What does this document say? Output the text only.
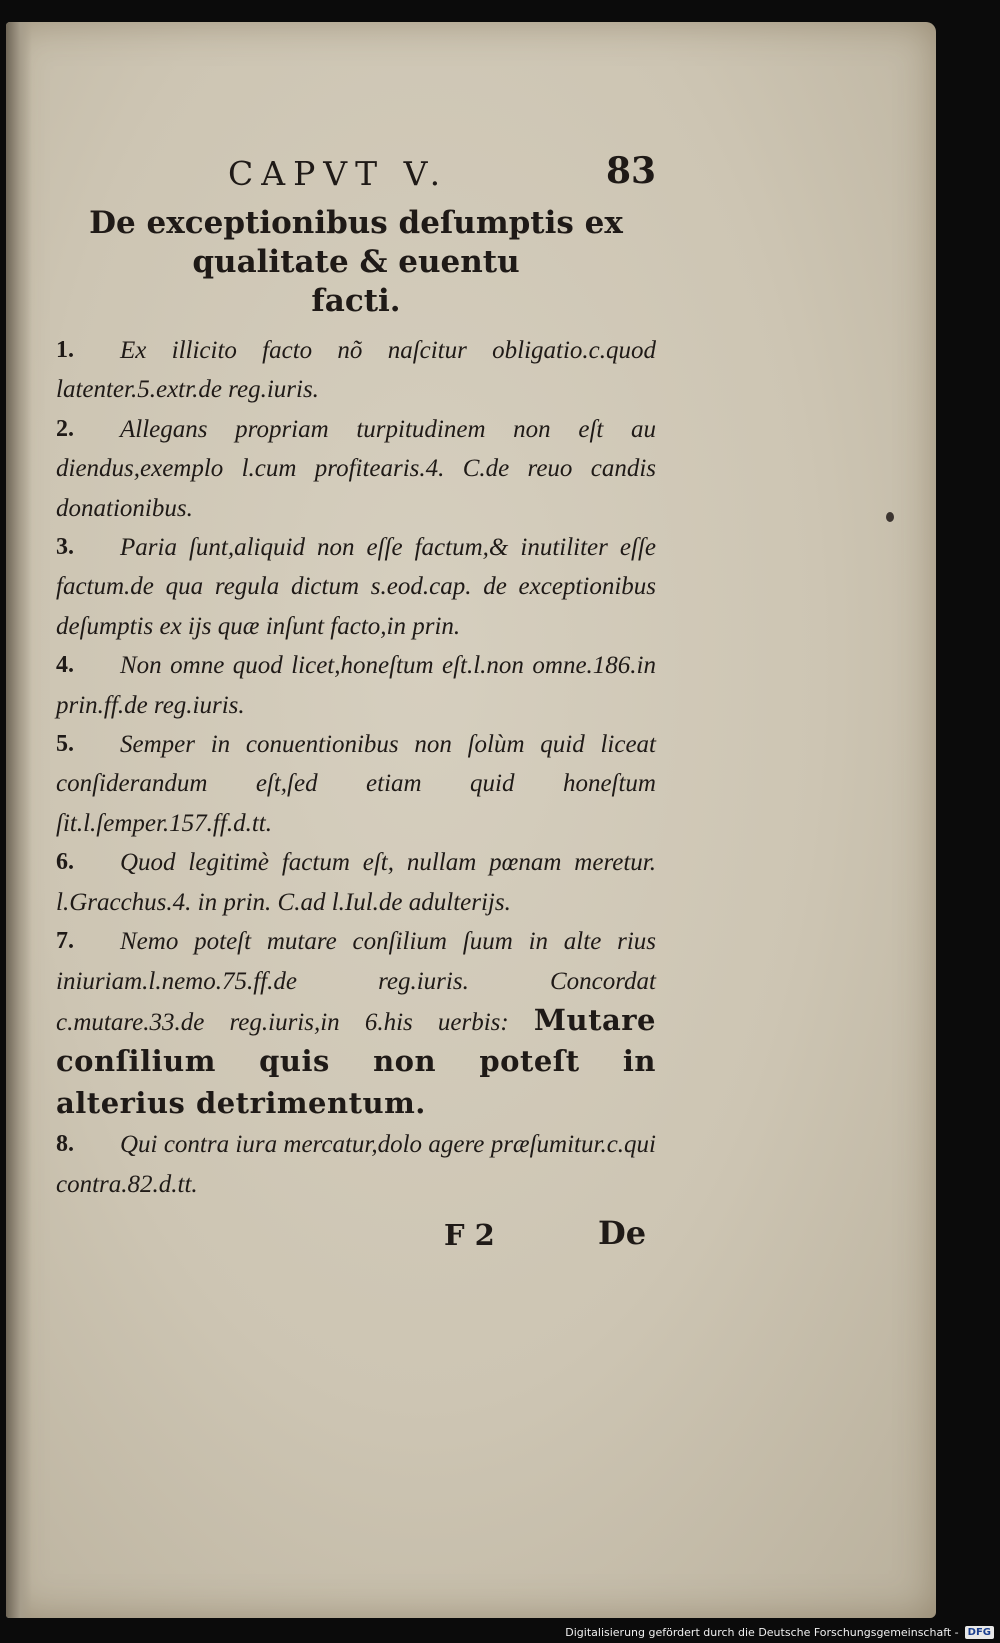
CAPVT V.	83
De exceptionibus deſumptis ex
qualitate & euentu
facti.

1.	Ex illicito facto nõ naſcitur obligatio.c.quod latenter.5.extr.de reg.iuris.

2.	Allegans propriam turpitudinem non eſt au diendus,exemplo l.cum profitearis.4. C.de reuo candis donationibus.

3.	Paria ſunt,aliquid non eſſe factum,& inutiliter eſſe factum.de qua regula dictum s.eod.cap. de exceptionibus deſumptis ex ijs quæ inſunt facto,in prin.

4.	Non omne quod licet,honeſtum eſt.l.non omne.186.in prin.ff.de reg.iuris.

5.	Semper in conuentionibus non ſolùm quid liceat conſiderandum eſt,ſed etiam quid honeſtum ſit.l.ſemper.157.ff.d.tt.

6.	Quod legitimè factum eſt, nullam pœnam meretur. l.Gracchus.4. in prin. C.ad l.Iul.de adulterijs.

7.	Nemo poteſt mutare conſilium ſuum in alte rius iniuriam.l.nemo.75.ff.de reg.iuris. Concordat c.mutare.33.de reg.iuris,in 6.his uerbis: Mutare conſilium quis non poteſt in alterius detrimentum.

8.	Qui contra iura mercatur,dolo agere præſumitur.c.qui contra.82.d.tt.

F 2	De
Digitalisierung gefördert durch die Deutsche Forschungsgemeinschaft - DFG
